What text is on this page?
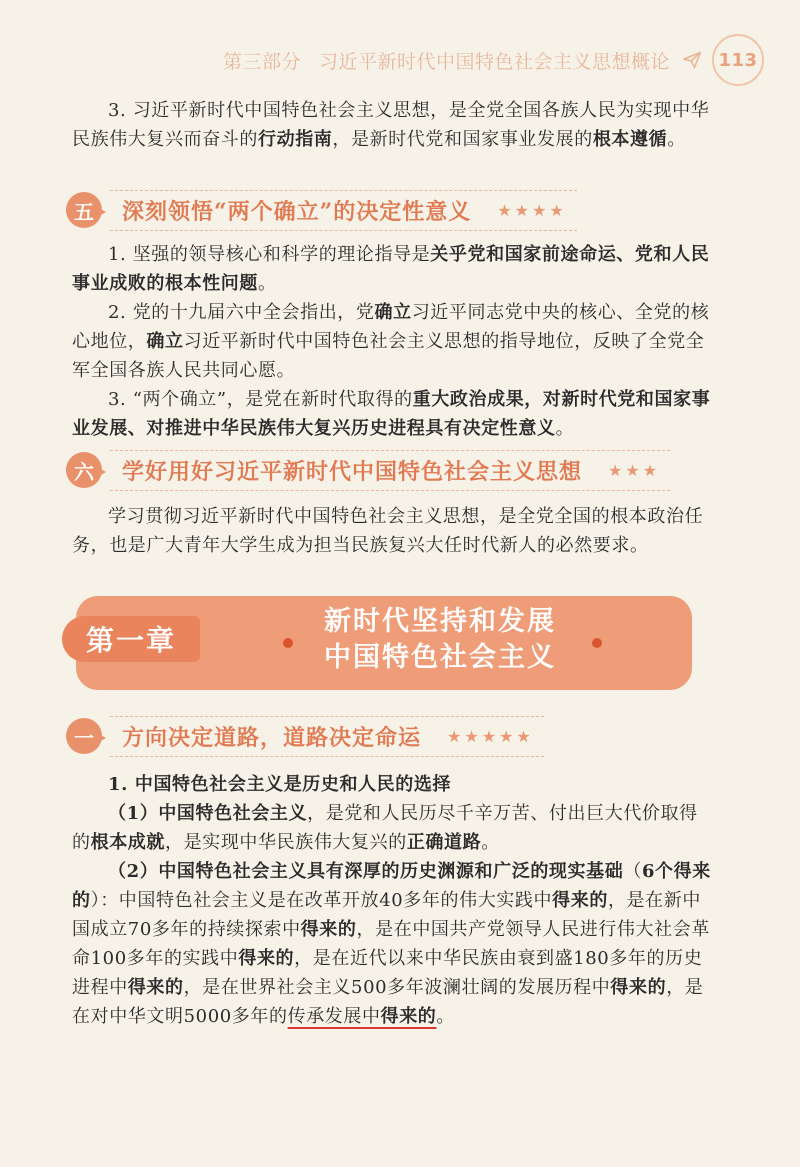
第三部分 习近平新时代中国特色社会主义思想概论	113

3. 习近平新时代中国特色社会主义思想，是全党全国各族人民为实现中华民族伟大复兴而奋斗的行动指南，是新时代党和国家事业发展的根本遵循。

五	深刻领悟“两个确立”的决定性意义 ★★★★

1. 坚强的领导核心和科学的理论指导是关乎党和国家前途命运、党和人民事业成败的根本性问题。

2. 党的十九届六中全会指出，党确立习近平同志党中央的核心、全党的核心地位，确立习近平新时代中国特色社会主义思想的指导地位，反映了全党全军全国各族人民共同心愿。

3. “两个确立”，是党在新时代取得的重大政治成果，对新时代党和国家事业发展、对推进中华民族伟大复兴历史进程具有决定性意义。

六	学好用好习近平新时代中国特色社会主义思想 ★★★

学习贯彻习近平新时代中国特色社会主义思想，是全党全国的根本政治任务，也是广大青年大学生成为担当民族复兴大任时代新人的必然要求。

第一章
新时代坚持和发展
中国特色社会主义
一	方向决定道路，道路决定命运 ★★★★★

1. 中国特色社会主义是历史和人民的选择

（1）中国特色社会主义，是党和人民历尽千辛万苦、付出巨大代价取得的根本成就，是实现中华民族伟大复兴的正确道路。

（2）中国特色社会主义具有深厚的历史渊源和广泛的现实基础（6个得来的）：中国特色社会主义是在改革开放40多年的伟大实践中得来的，是在新中国成立70多年的持续探索中得来的，是在中国共产党领导人民进行伟大社会革命100多年的实践中得来的，是在近代以来中华民族由衰到盛180多年的历史进程中得来的，是在世界社会主义500多年波澜壮阔的发展历程中得来的，是在对中华文明5000多年的传承发展中得来的。
